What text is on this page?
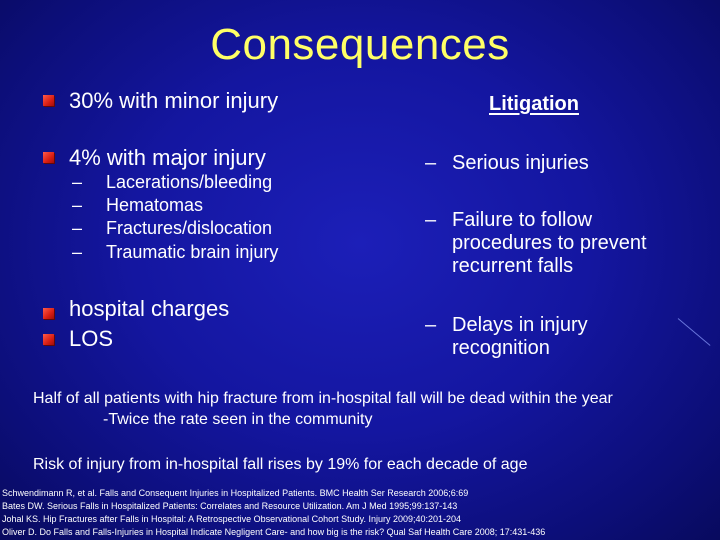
Consequences
30% with minor injury
4% with major injury
– Lacerations/bleeding
– Hematomas
– Fractures/dislocation
– Traumatic brain injury
hospital charges
LOS
Litigation
– Serious injuries
– Failure to follow
procedures to prevent
recurrent falls
– Delays in injury
recognition
Half of all patients with hip fracture from in-hospital fall will be dead within the year
-Twice the rate seen in the community
Risk of injury from in-hospital fall rises by 19% for each decade of age
Schwendimann R, et al. Falls and Consequent Injuries in Hospitalized Patients. BMC Health Ser Research 2006;6:69
Bates DW. Serious Falls in Hospitalized Patients: Correlates and Resource Utilization. Am J Med 1995;99:137-143
Johal KS. Hip Fractures after Falls in Hospital: A Retrospective Observational Cohort Study. Injury 2009;40:201-204
Oliver D. Do Falls and Falls-Injuries in Hospital Indicate Negligent Care- and how big is the risk? Qual Saf Health Care 2008; 17:431-436
